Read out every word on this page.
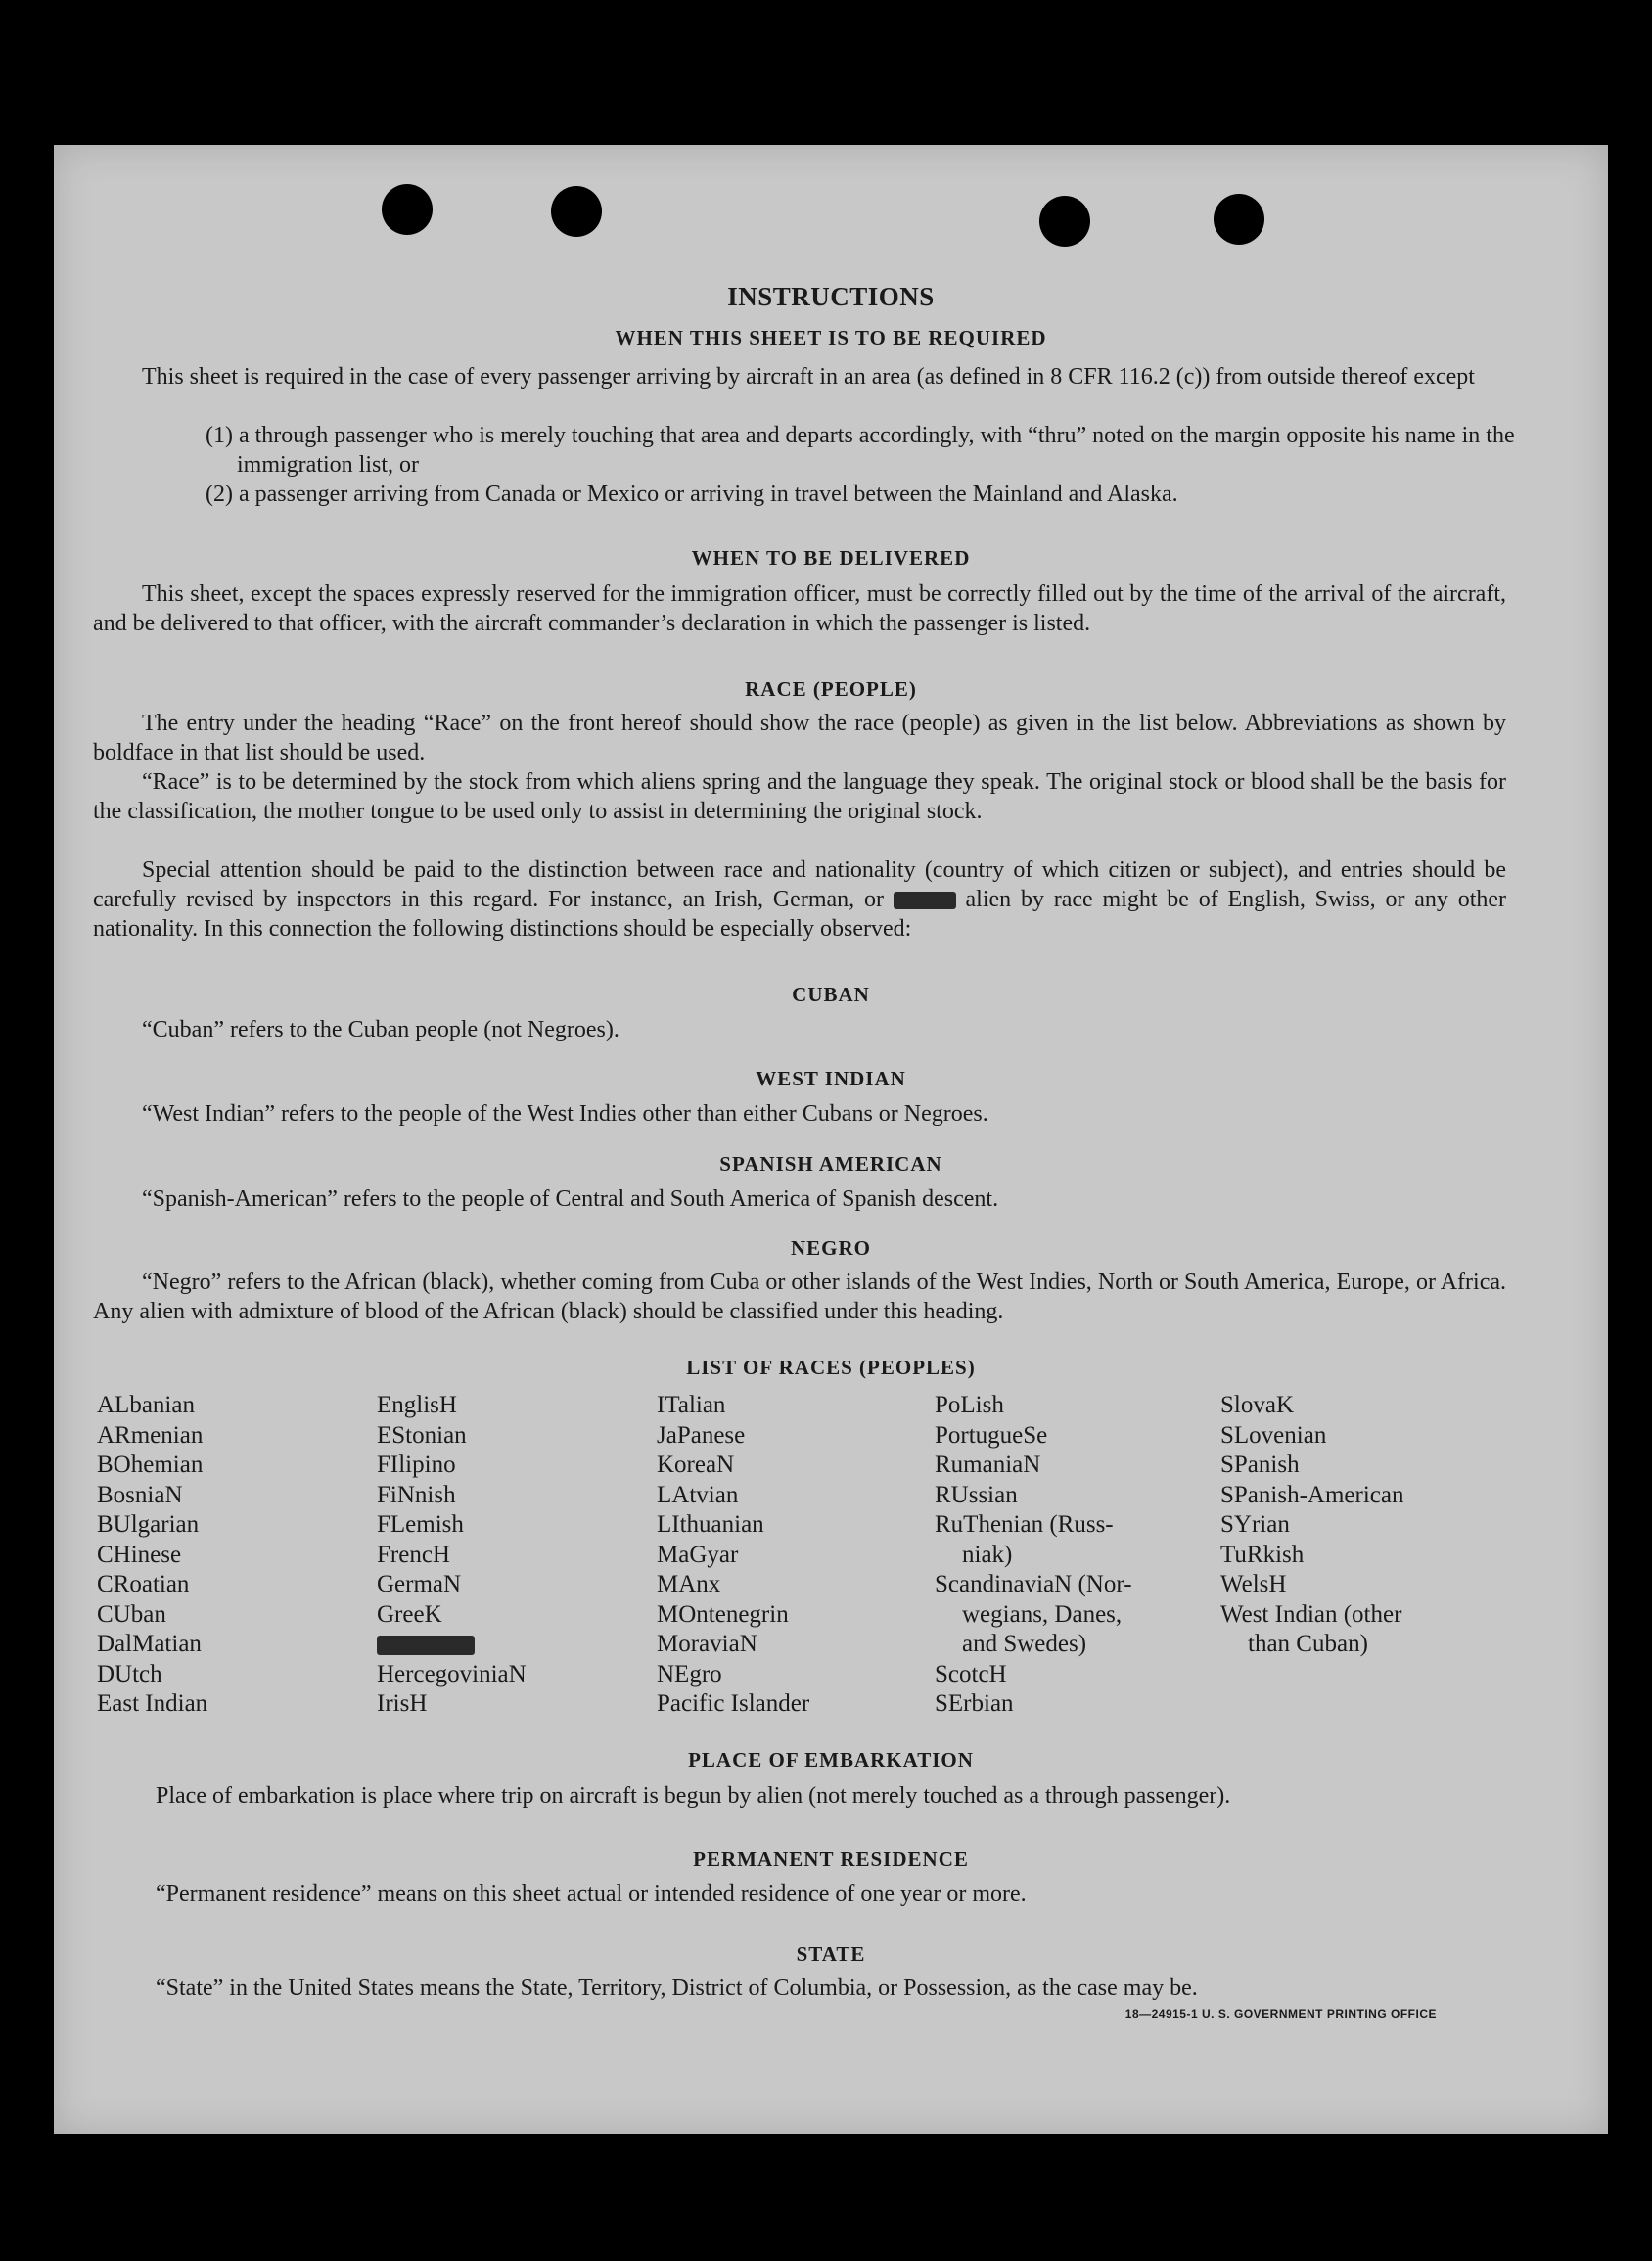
INSTRUCTIONS
WHEN THIS SHEET IS TO BE REQUIRED
This sheet is required in the case of every passenger arriving by aircraft in an area (as defined in 8 CFR 116.2 (c)) from outside thereof except
(1) a through passenger who is merely touching that area and departs accordingly, with “thru” noted on the margin opposite his name in the immigration list, or
(2) a passenger arriving from Canada or Mexico or arriving in travel between the Mainland and Alaska.
WHEN TO BE DELIVERED
This sheet, except the spaces expressly reserved for the immigration officer, must be correctly filled out by the time of the arrival of the aircraft, and be delivered to that officer, with the aircraft commander’s declaration in which the passenger is listed.
RACE (PEOPLE)
The entry under the heading “Race” on the front hereof should show the race (people) as given in the list below. Abbreviations as shown by boldface in that list should be used.
“Race” is to be determined by the stock from which aliens spring and the language they speak. The original stock or blood shall be the basis for the classification, the mother tongue to be used only to assist in determining the original stock.
Special attention should be paid to the distinction between race and nationality (country of which citizen or subject), and entries should be carefully revised by inspectors in this regard. For instance, an Irish, German, or	alien by race might be of English, Swiss, or any other nationality. In this connection the following distinctions should be especially observed:
CUBAN
“Cuban” refers to the Cuban people (not Negroes).
WEST INDIAN
“West Indian” refers to the people of the West Indies other than either Cubans or Negroes.
SPANISH AMERICAN
“Spanish-American” refers to the people of Central and South America of Spanish descent.
NEGRO
“Negro” refers to the African (black), whether coming from Cuba or other islands of the West Indies, North or South America, Europe, or Africa. Any alien with admixture of blood of the African (black) should be classified under this heading.
LIST OF RACES (PEOPLES)
ALbanian
ARmenian
BOhemian
BosniaN
BUlgarian
CHinese
CRoatian
CUban
DalMatian
DUtch
East Indian
EnglisH
EStonian
FIlipino
FiNnish
FLemish
FrencH
GermaN
GreeK
HercegoviniaN
IrisH
ITalian
JaPanese
KoreaN
LAtvian
LIthuanian
MaGyar
MAnx
MOntenegrin
MoraviaN
NEgro
Pacific Islander
PoLish
PortugueSe
RumaniaN
RUssian
RuThenian (Russ-
niak)
ScandinaviaN (Nor-
wegians, Danes,
and Swedes)
ScotcH
SErbian
SlovaK
SLovenian
SPanish
SPanish-American
SYrian
TuRkish
WelsH
West Indian (other
than Cuban)
PLACE OF EMBARKATION
Place of embarkation is place where trip on aircraft is begun by alien (not merely touched as a through passenger).
PERMANENT RESIDENCE
“Permanent residence” means on this sheet actual or intended residence of one year or more.
STATE
“State” in the United States means the State, Territory, District of Columbia, or Possession, as the case may be.
18—24915-1 U. S. GOVERNMENT PRINTING OFFICE
